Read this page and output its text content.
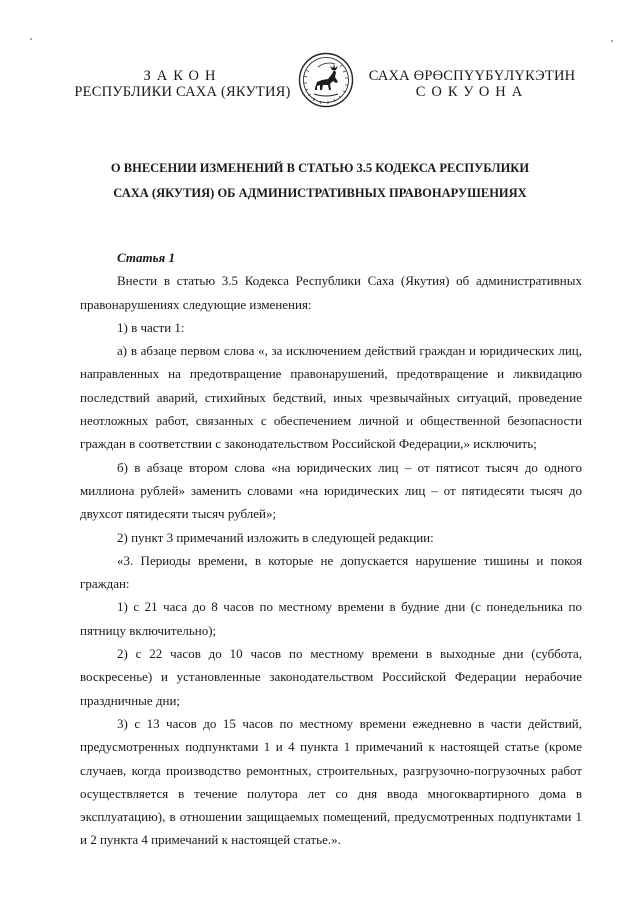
ЗАКОН
РЕСПУБЛИКИ САХА (ЯКУТИЯ)
САХА ӨРӨСПҮҮБҮЛҮКЭТИН
СОКУОНА
О ВНЕСЕНИИ ИЗМЕНЕНИЙ В СТАТЬЮ 3.5 КОДЕКСА РЕСПУБЛИКИ
САХА (ЯКУТИЯ) ОБ АДМИНИСТРАТИВНЫХ ПРАВОНАРУШЕНИЯХ

Статья 1

Внести в статью 3.5 Кодекса Республики Саха (Якутия) об административных правонарушениях следующие изменения:

1) в части 1:

а) в абзаце первом слова «, за исключением действий граждан и юридических лиц, направленных на предотвращение правонарушений, предотвращение и ликвидацию последствий аварий, стихийных бедствий, иных чрезвычайных ситуаций, проведение неотложных работ, связанных с обеспечением личной и общественной безопасности граждан в соответствии с законодательством Российской Федерации,» исключить;

б) в абзаце втором слова «на юридических лиц – от пятисот тысяч до одного миллиона рублей» заменить словами «на юридических лиц – от пятидесяти тысяч до двухсот пятидесяти тысяч рублей»;

2) пункт 3 примечаний изложить в следующей редакции:

«3. Периоды времени, в которые не допускается нарушение тишины и покоя граждан:

1) с 21 часа до 8 часов по местному времени в будние дни (с понедельника по пятницу включительно);

2) с 22 часов до 10 часов по местному времени в выходные дни (суббота, воскресенье) и установленные законодательством Российской Федерации нерабочие праздничные дни;

3) с 13 часов до 15 часов по местному времени ежедневно в части действий, предусмотренных подпунктами 1 и 4 пункта 1 примечаний к настоящей статье (кроме случаев, когда производство ремонтных, строительных, разгрузочно-погрузочных работ осуществляется в течение полутора лет со дня ввода многоквартирного дома в эксплуатацию), в отношении защищаемых помещений, предусмотренных подпунктами 1 и 2 пункта 4 примечаний к настоящей статье.».
